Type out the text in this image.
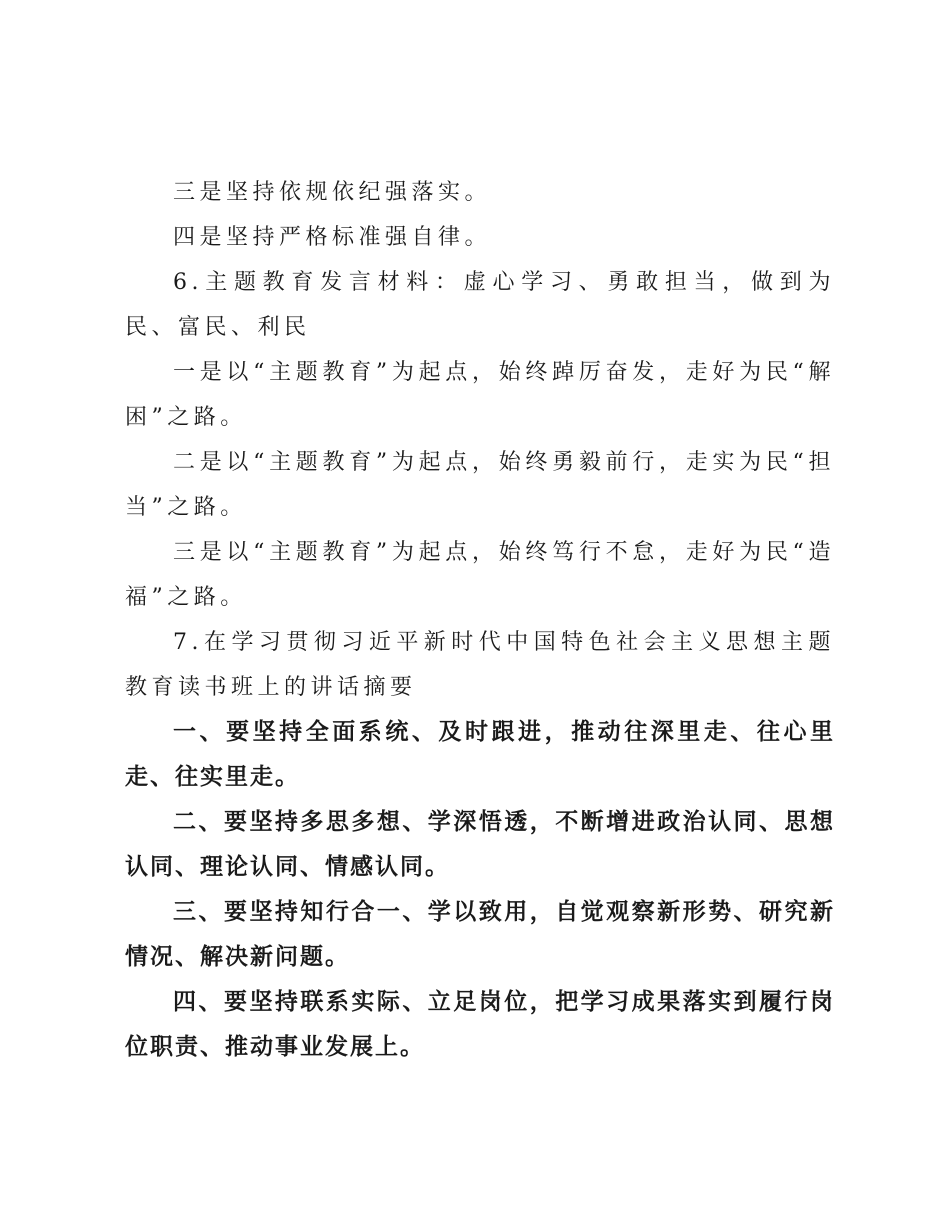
三是坚持依规依纪强落实。

四是坚持严格标准强自律。

6.主题教育发言材料：虚心学习、勇敢担当，做到为民、富民、利民

一是以“主题教育”为起点，始终踔厉奋发，走好为民“解困”之路。

二是以“主题教育”为起点，始终勇毅前行，走实为民“担当”之路。

三是以“主题教育”为起点，始终笃行不怠，走好为民“造福”之路。

7.在学习贯彻习近平新时代中国特色社会主义思想主题教育读书班上的讲话摘要

一、要坚持全面系统、及时跟进，推动往深里走、往心里走、往实里走。

二、要坚持多思多想、学深悟透，不断增进政治认同、思想认同、理论认同、情感认同。

三、要坚持知行合一、学以致用，自觉观察新形势、研究新情况、解决新问题。

四、要坚持联系实际、立足岗位，把学习成果落实到履行岗位职责、推动事业发展上。
